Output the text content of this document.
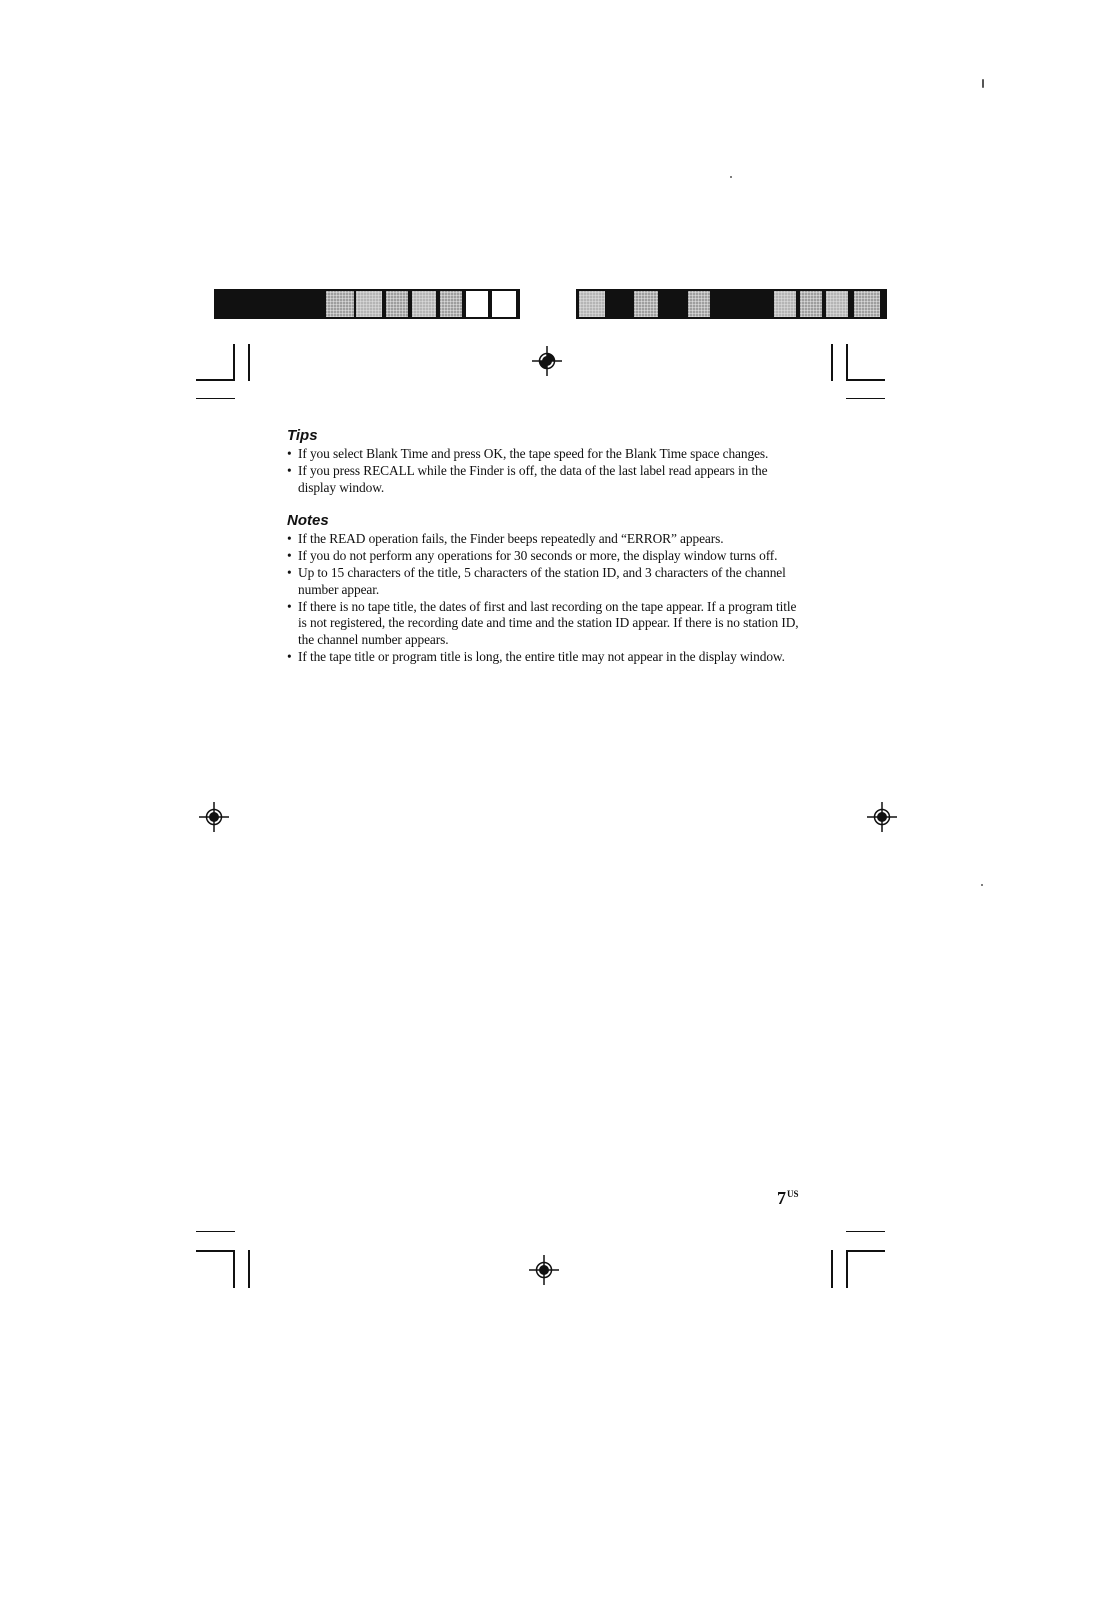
Tips
• If you select Blank Time and press OK, the tape speed for the Blank Time space changes.
• If you press RECALL while the Finder is off, the data of the last label read appears in the display window.
Notes
• If the READ operation fails, the Finder beeps repeatedly and “ERROR” appears.
• If you do not perform any operations for 30 seconds or more, the display window turns off.
• Up to 15 characters of the title, 5 characters of the station ID, and 3 characters of the channel number appear.
• If there is no tape title, the dates of first and last recording on the tape appear. If a program title is not registered, the recording date and time and the station ID appear. If there is no station ID, the channel number appears.
• If the tape title or program title is long, the entire title may not appear in the display window.
$7^{US}$
